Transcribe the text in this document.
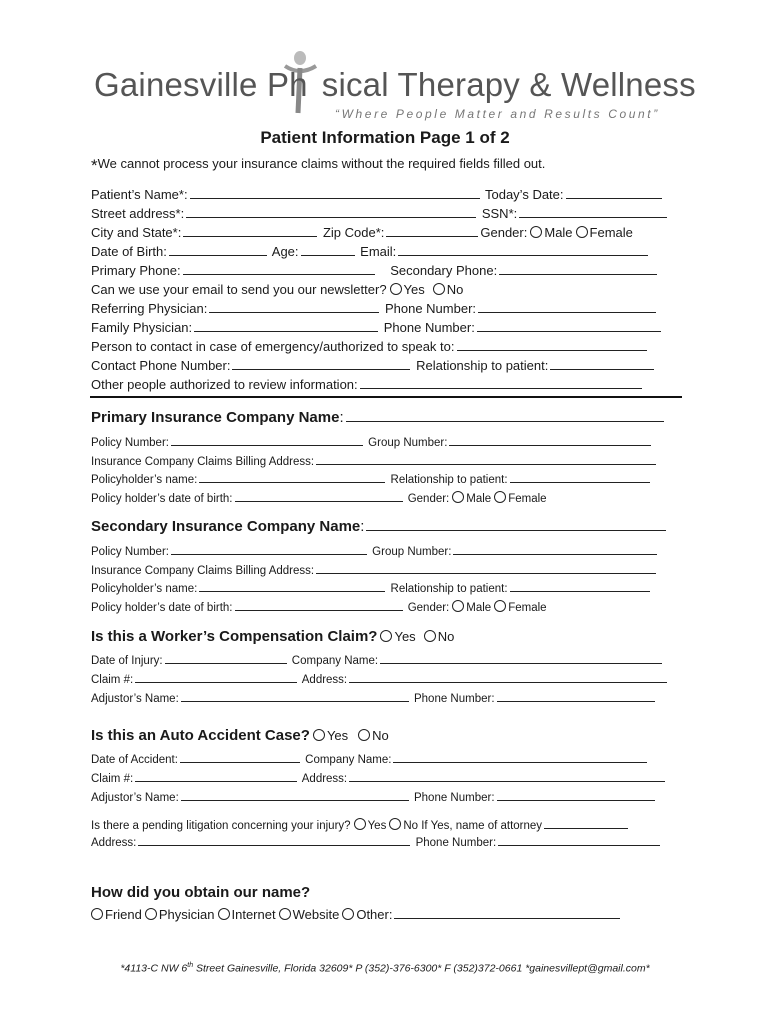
Gainesville Ph sical Therapy & Wellness
“Where People Matter and Results Count”
Patient Information Page 1 of 2
*We cannot process your insurance claims without the required fields filled out.
Patient’s Name*:	Today’s Date:
Street address*:	SSN*:
City and State*:	Zip Code*:	Gender: Male Female
Date of Birth:	Age:	Email:
Primary Phone:	Secondary Phone:
Can we use your email to send you our newsletter? Yes No
Referring Physician:	Phone Number:
Family Physician:	Phone Number:
Person to contact in case of emergency/authorized to speak to:
Contact Phone Number:	Relationship to patient:
Other people authorized to review information:
Primary Insurance Company Name:
Policy Number:	Group Number:
Insurance Company Claims Billing Address:
Policyholder’s name:	Relationship to patient:
Policy holder’s date of birth:	Gender: Male Female
Secondary Insurance Company Name:
Policy Number:	Group Number:
Insurance Company Claims Billing Address:
Policyholder’s name:	Relationship to patient:
Policy holder’s date of birth:	Gender: Male Female
Is this a Worker’s Compensation Claim? Yes No
Date of Injury:	Company Name:
Claim #:	Address:
Adjustor’s Name:	Phone Number:
Is this an Auto Accident Case? Yes No
Date of Accident:	Company Name:
Claim #:	Address:
Adjustor’s Name:	Phone Number:
Is there a pending litigation concerning your injury? Yes No If Yes, name of attorney
Address:	Phone Number:
How did you obtain our name?
Friend Physician Internet Website Other:
*4113-C NW 6th Street Gainesville, Florida 32609* P (352)-376-6300* F (352)372-0661 *gainesvillept@gmail.com*
